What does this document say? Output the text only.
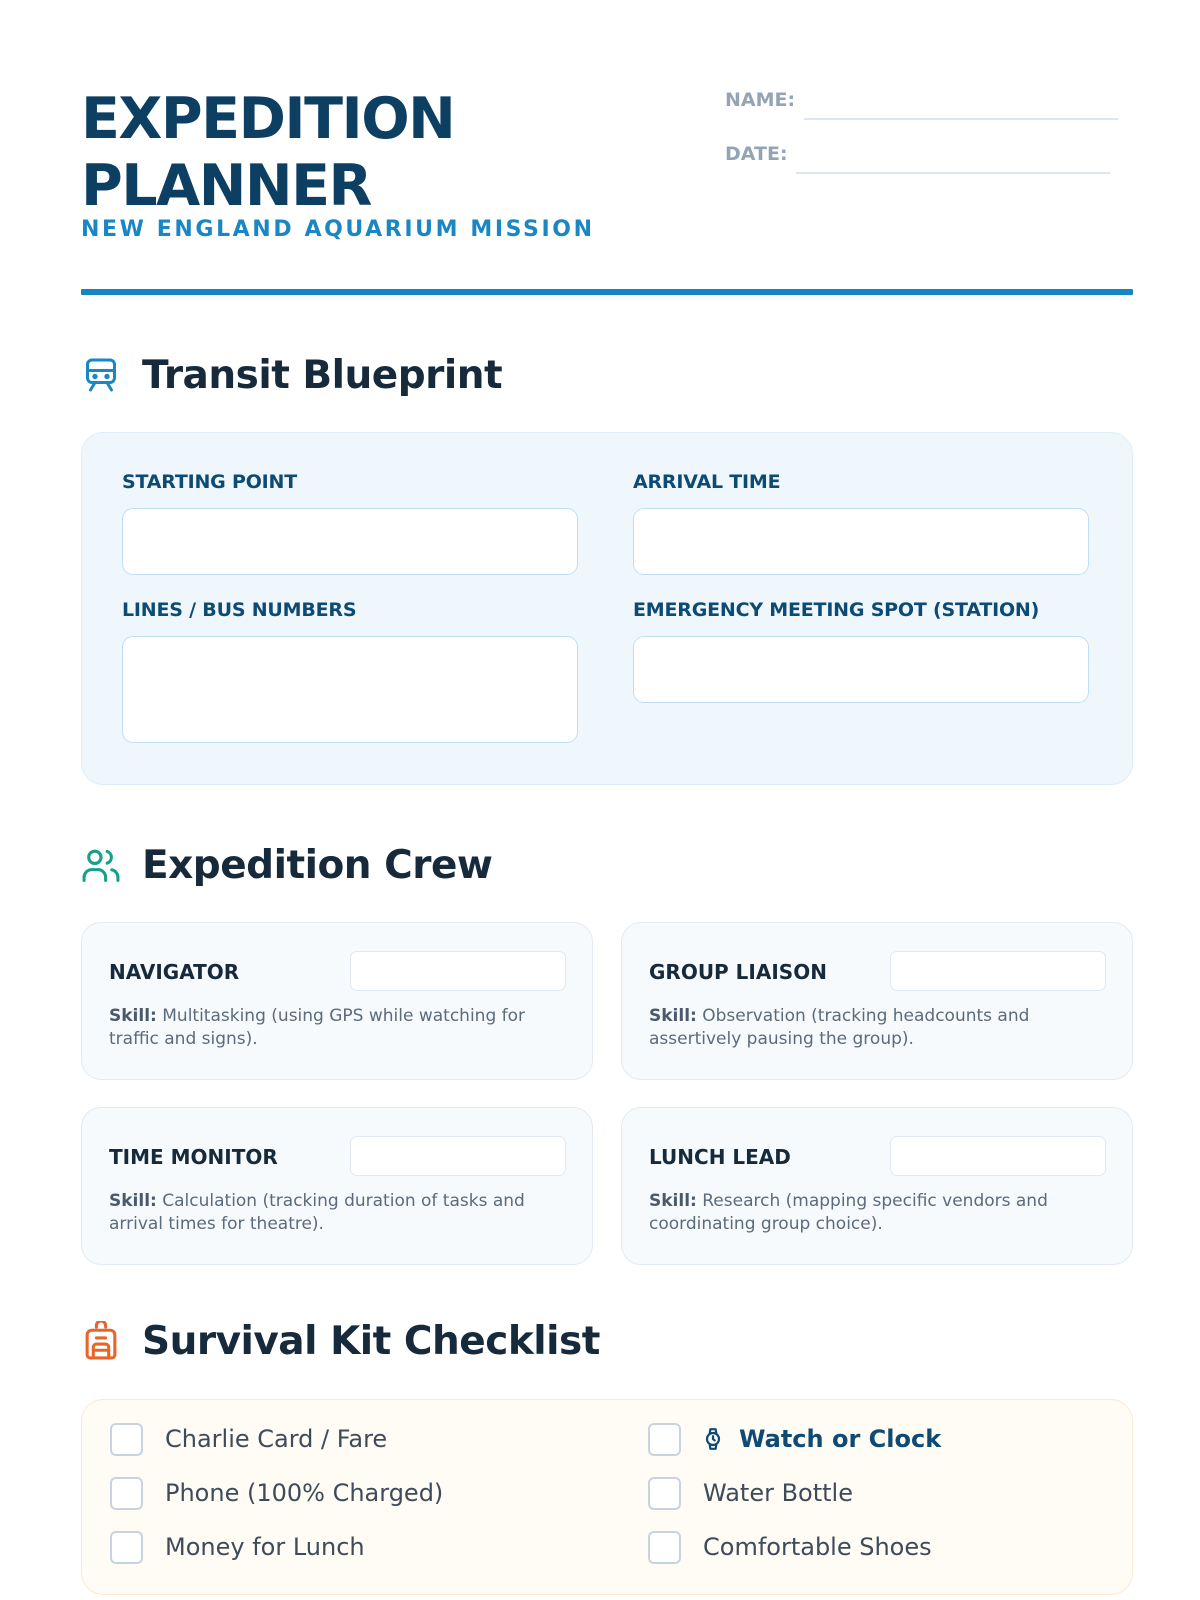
EXPEDITION
PLANNER
NEW ENGLAND AQUARIUM MISSION
NAME:
DATE:
Transit Blueprint
STARTING POINT	ARRIVAL TIME
LINES / BUS NUMBERS	EMERGENCY MEETING SPOT (STATION)
Expedition Crew
NAVIGATOR
Skill: Multitasking (using GPS while watching for traffic and signs).
GROUP LIAISON
Skill: Observation (tracking headcounts and assertively pausing the group).
TIME MONITOR
Skill: Calculation (tracking duration of tasks and arrival times for theatre).
LUNCH LEAD
Skill: Research (mapping specific vendors and coordinating group choice).
Survival Kit Checklist
Charlie Card / Fare
Phone (100% Charged)
Money for Lunch
Watch or Clock
Water Bottle
Comfortable Shoes
